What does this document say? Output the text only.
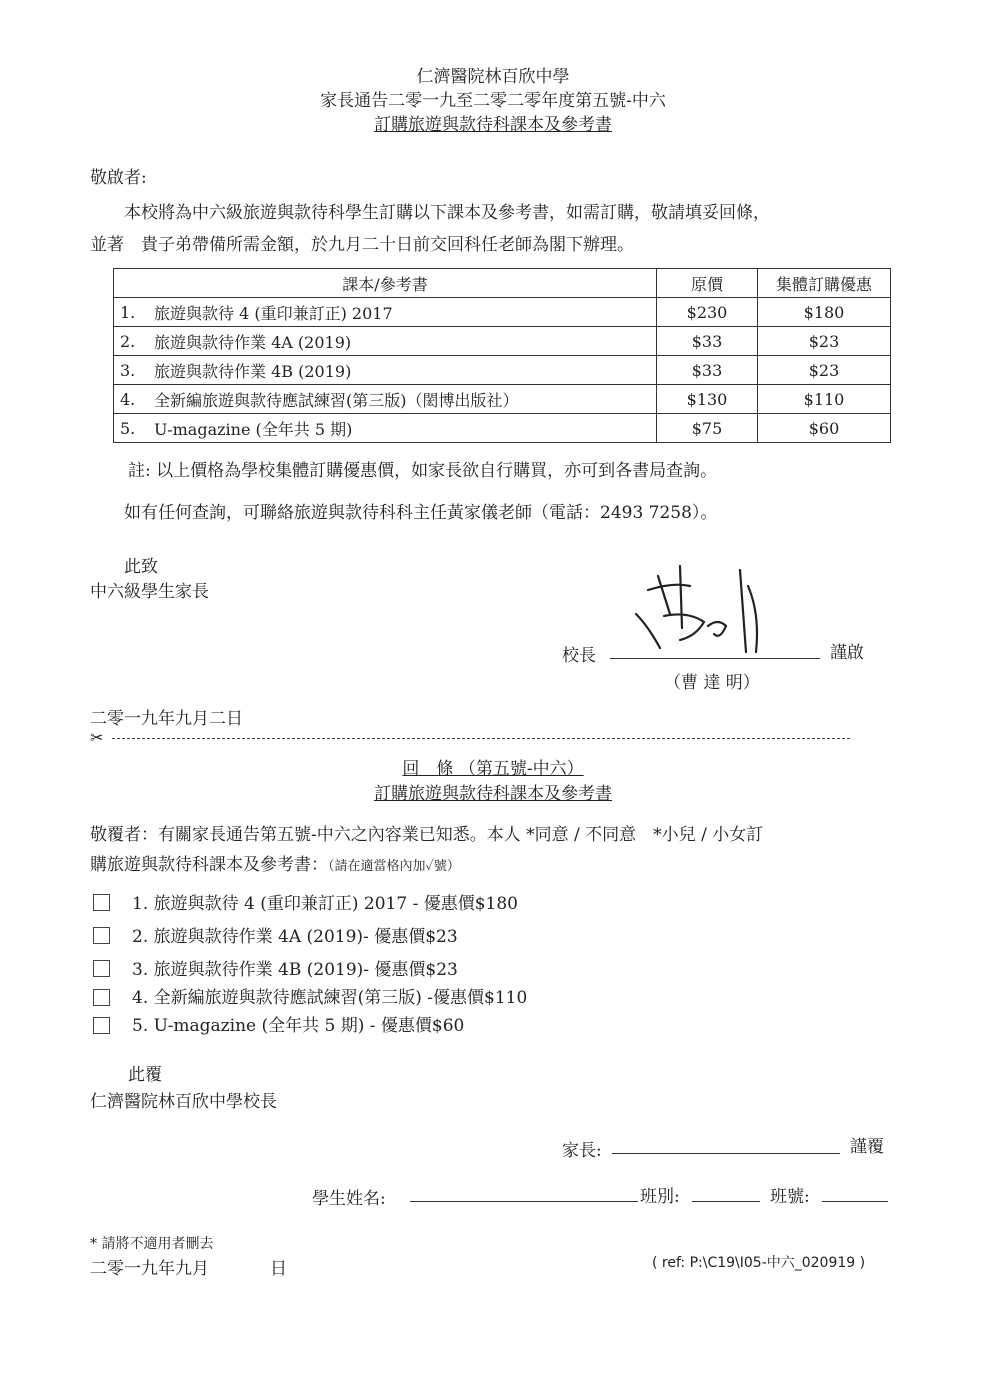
仁濟醫院林百欣中學
家長通告二零一九至二零二零年度第五號-中六
訂購旅遊與款待科課本及參考書
敬啟者:
本校將為中六級旅遊與款待科學生訂購以下課本及參考書，如需訂購，敬請填妥回條，
並著　貴子弟帶備所需金額，於九月二十日前交回科任老師為閣下辦理。
課本/參考書		原價	集體訂購優惠
1.	旅遊與款待 4 (重印兼訂正) 2017	$230	$180
2.	旅遊與款待作業 4A (2019)	$33	$23
3.	旅遊與款待作業 4B (2019)	$33	$23
4.	全新編旅遊與款待應試練習(第三版)（閎博出版社）	$130	$110
5.	U-magazine (全年共 5 期)	$75	$60
註: 以上價格為學校集體訂購優惠價，如家長欲自行購買，亦可到各書局查詢。
如有任何查詢，可聯絡旅遊與款待科科主任黃家儀老師（電話：2493 7258）。
此致
中六級學生家長
校長	謹啟
（曹 達 明）
二零一九年九月二日
✂
回　條 （第五號-中六）
訂購旅遊與款待科課本及參考書
敬覆者：有關家長通告第五號-中六之內容業已知悉。本人 *同意 / 不同意　*小兒 / 小女訂
購旅遊與款待科課本及參考書：（請在適當格內加✓號）
1. 旅遊與款待 4 (重印兼訂正) 2017 - 優惠價$180
2. 旅遊與款待作業 4A (2019)- 優惠價$23
3. 旅遊與款待作業 4B (2019)- 優惠價$23
4. 全新編旅遊與款待應試練習(第三版) -優惠價$110
5. U-magazine (全年共 5 期) - 優惠價$60
此覆
仁濟醫院林百欣中學校長
家長:	謹覆
學生姓名:	班別:	班號:
* 請將不適用者刪去
二零一九年九月	日	( ref: P:\C19\I05-中六_020919 )
